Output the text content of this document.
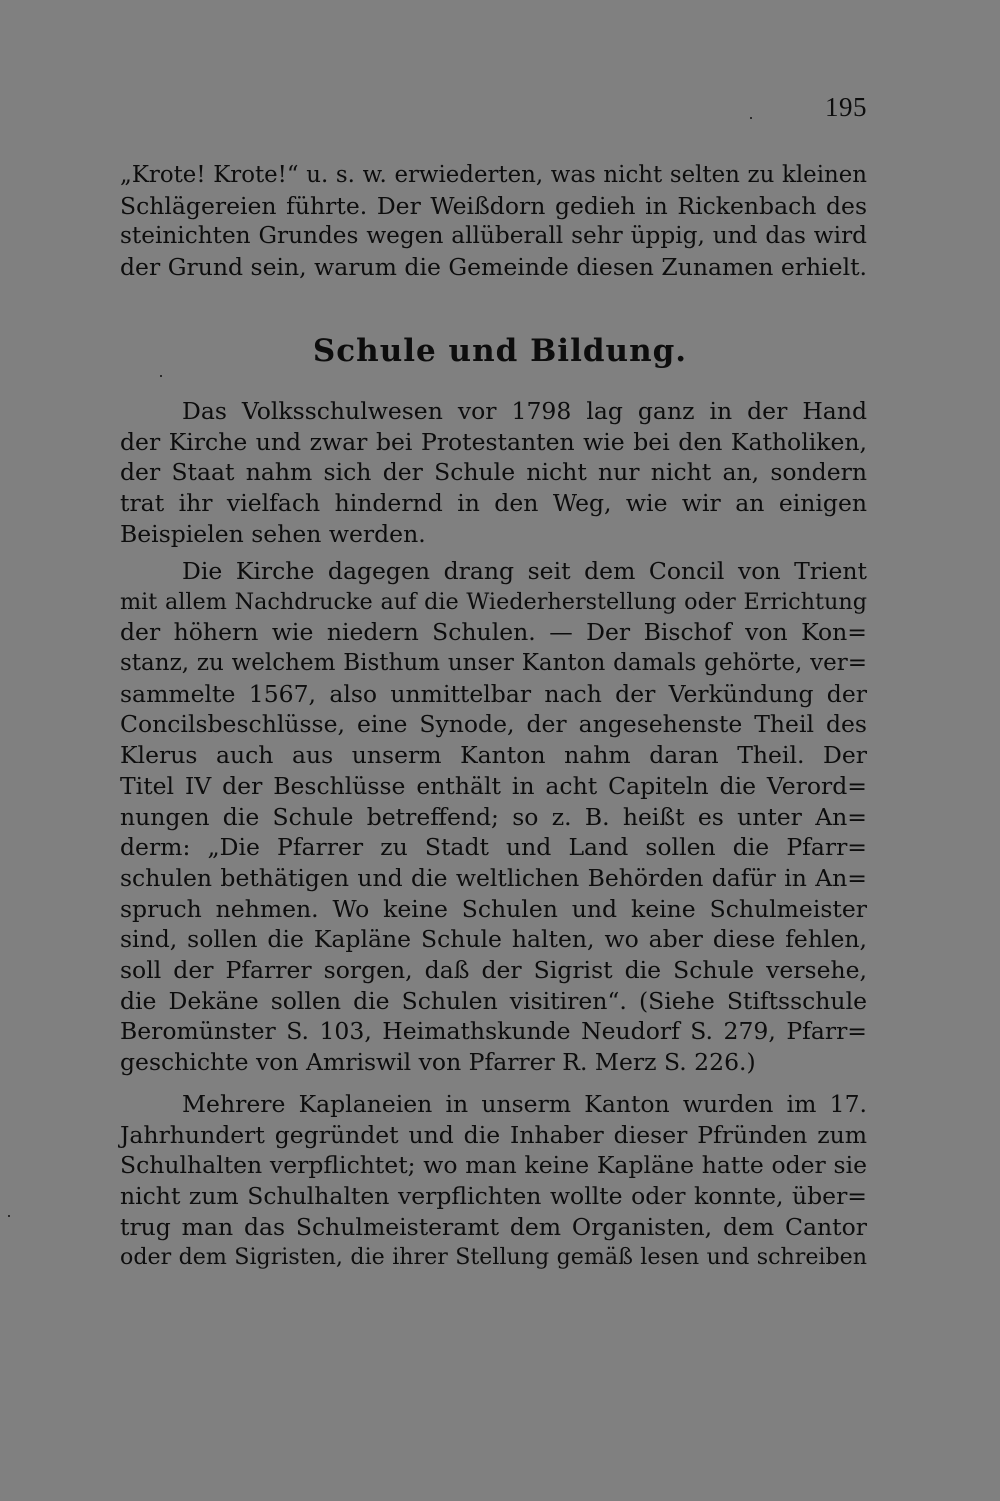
195
„Krote! Krote!“ u. s. w. erwiederten, was nicht selten zu kleinen
Schlägereien führte. Der Weißdorn gedieh in Rickenbach des
steinichten Grundes wegen allüberall sehr üppig, und das wird
der Grund sein, warum die Gemeinde diesen Zunamen erhielt.
Schule und Bildung.
Das Volksschulwesen vor 1798 lag ganz in der Hand
der Kirche und zwar bei Protestanten wie bei den Katholiken,
der Staat nahm sich der Schule nicht nur nicht an, sondern
trat ihr vielfach hindernd in den Weg, wie wir an einigen
Beispielen sehen werden.
Die Kirche dagegen drang seit dem Concil von Trient
mit allem Nachdrucke auf die Wiederherstellung oder Errichtung
der höhern wie niedern Schulen. — Der Bischof von Kon=
stanz, zu welchem Bisthum unser Kanton damals gehörte, ver=
sammelte 1567, also unmittelbar nach der Verkündung der
Concilsbeschlüsse, eine Synode, der angesehenste Theil des
Klerus auch aus unserm Kanton nahm daran Theil. Der
Titel IV der Beschlüsse enthält in acht Capiteln die Verord=
nungen die Schule betreffend; so z. B. heißt es unter An=
derm: „Die Pfarrer zu Stadt und Land sollen die Pfarr=
schulen bethätigen und die weltlichen Behörden dafür in An=
spruch nehmen. Wo keine Schulen und keine Schulmeister
sind, sollen die Kapläne Schule halten, wo aber diese fehlen,
soll der Pfarrer sorgen, daß der Sigrist die Schule versehe,
die Dekäne sollen die Schulen visitiren“. (Siehe Stiftsschule
Beromünster S. 103, Heimathskunde Neudorf S. 279, Pfarr=
geschichte von Amriswil von Pfarrer R. Merz S. 226.)
Mehrere Kaplaneien in unserm Kanton wurden im 17.
Jahrhundert gegründet und die Inhaber dieser Pfründen zum
Schulhalten verpflichtet; wo man keine Kapläne hatte oder sie
nicht zum Schulhalten verpflichten wollte oder konnte, über=
trug man das Schulmeisteramt dem Organisten, dem Cantor
oder dem Sigristen, die ihrer Stellung gemäß lesen und schreiben
